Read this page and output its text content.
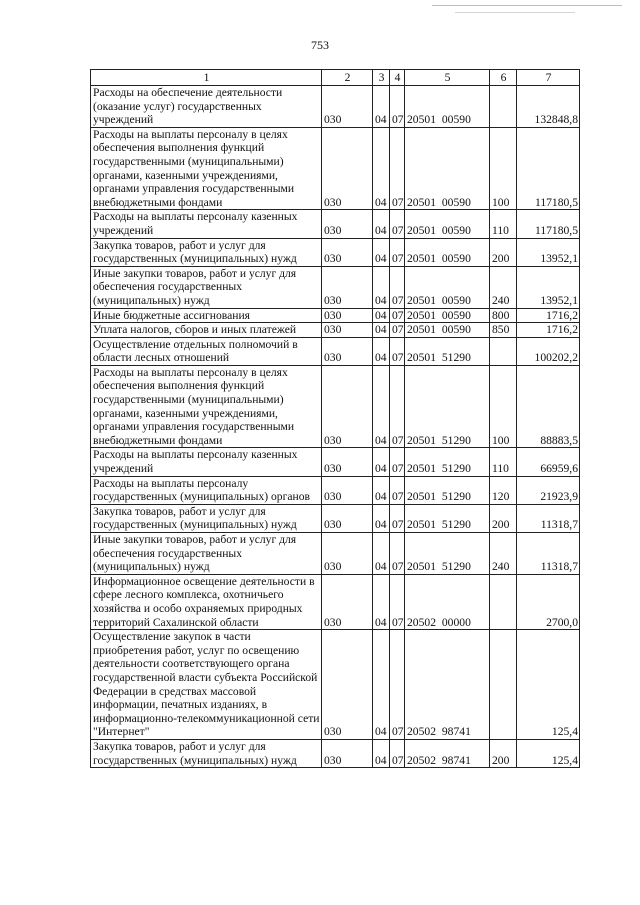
753
1	2	3	4	5	6	7
Расходы на обеспечение деятельности (оказание услуг) государственных учреждений	030	04	07	20501 00590		132848,8
Расходы на выплаты персоналу в целях обеспечения выполнения функций государственными (муниципальными) органами, казенными учреждениями, органами управления государственными внебюджетными фондами	030	04	07	20501 00590	100	117180,5
Расходы на выплаты персоналу казенных учреждений	030	04	07	20501 00590	110	117180,5
Закупка товаров, работ и услуг для государственных (муниципальных) нужд	030	04	07	20501 00590	200	13952,1
Иные закупки товаров, работ и услуг для обеспечения государственных (муниципальных) нужд	030	04	07	20501 00590	240	13952,1
Иные бюджетные ассигнования	030	04	07	20501 00590	800	1716,2
Уплата налогов, сборов и иных платежей	030	04	07	20501 00590	850	1716,2
Осуществление отдельных полномочий в области лесных отношений	030	04	07	20501 51290		100202,2
Расходы на выплаты персоналу в целях обеспечения выполнения функций государственными (муниципальными) органами, казенными учреждениями, органами управления государственными внебюджетными фондами	030	04	07	20501 51290	100	88883,5
Расходы на выплаты персоналу казенных учреждений	030	04	07	20501 51290	110	66959,6
Расходы на выплаты персоналу государственных (муниципальных) органов	030	04	07	20501 51290	120	21923,9
Закупка товаров, работ и услуг для государственных (муниципальных) нужд	030	04	07	20501 51290	200	11318,7
Иные закупки товаров, работ и услуг для обеспечения государственных (муниципальных) нужд	030	04	07	20501 51290	240	11318,7
Информационное освещение деятельности в сфере лесного комплекса, охотничьего хозяйства и особо охраняемых природных территорий Сахалинской области	030	04	07	20502 00000		2700,0
Осуществление закупок в части приобретения работ, услуг по освещению деятельности соответствующего органа государственной власти субъекта Российской Федерации в средствах массовой информации, печатных изданиях, в информационно-телекоммуникационной сети "Интернет"	030	04	07	20502 98741		125,4
Закупка товаров, работ и услуг для государственных (муниципальных) нужд	030	04	07	20502 98741	200	125,4
